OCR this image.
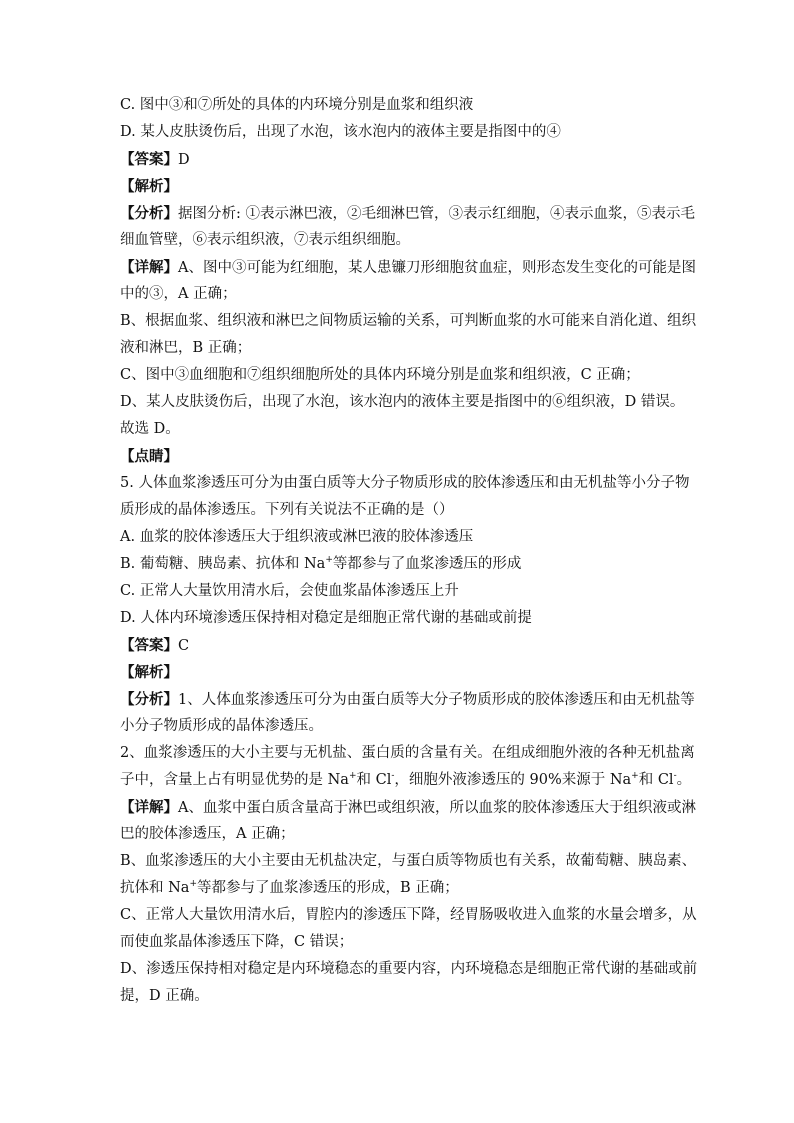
C. 图中③和⑦所处的具体的内环境分别是血浆和组织液
D. 某人皮肤烫伤后，出现了水泡，该水泡内的液体主要是指图中的④
【答案】D
【解析】
【分析】据图分析: ①表示淋巴液，②毛细淋巴管，③表示红细胞，④表示血浆，⑤表示毛
细血管壁，⑥表示组织液，⑦表示组织细胞。
【详解】A、图中③可能为红细胞，某人患镰刀形细胞贫血症，则形态发生变化的可能是图
中的③，A 正确；
B、根据血浆、组织液和淋巴之间物质运输的关系，可判断血浆的水可能来自消化道、组织
液和淋巴，B 正确；
C、图中③血细胞和⑦组织细胞所处的具体内环境分别是血浆和组织液，C 正确；
D、某人皮肤烫伤后，出现了水泡，该水泡内的液体主要是指图中的⑥组织液，D 错误。
故选 D。
【点睛】
5. 人体血浆渗透压可分为由蛋白质等大分子物质形成的胶体渗透压和由无机盐等小分子物
质形成的晶体渗透压。下列有关说法不正确的是（）
A. 血浆的胶体渗透压大于组织液或淋巴液的胶体渗透压
B. 葡萄糖、胰岛素、抗体和 Na+等都参与了血浆渗透压的形成
C. 正常人大量饮用清水后，会使血浆晶体渗透压上升
D. 人体内环境渗透压保持相对稳定是细胞正常代谢的基础或前提
【答案】C
【解析】
【分析】1、人体血浆渗透压可分为由蛋白质等大分子物质形成的胶体渗透压和由无机盐等
小分子物质形成的晶体渗透压。
2、血浆渗透压的大小主要与无机盐、蛋白质的含量有关。在组成细胞外液的各种无机盐离
子中，含量上占有明显优势的是 Na+和 Cl-，细胞外液渗透压的 90%来源于 Na+和 Cl-。
【详解】A、血浆中蛋白质含量高于淋巴或组织液，所以血浆的胶体渗透压大于组织液或淋
巴的胶体渗透压，A 正确；
B、血浆渗透压的大小主要由无机盐决定，与蛋白质等物质也有关系，故葡萄糖、胰岛素、
抗体和 Na+等都参与了血浆渗透压的形成，B 正确；
C、正常人大量饮用清水后，胃腔内的渗透压下降，经胃肠吸收进入血浆的水量会增多，从
而使血浆晶体渗透压下降，C 错误；
D、渗透压保持相对稳定是内环境稳态的重要内容，内环境稳态是细胞正常代谢的基础或前
提，D 正确。
